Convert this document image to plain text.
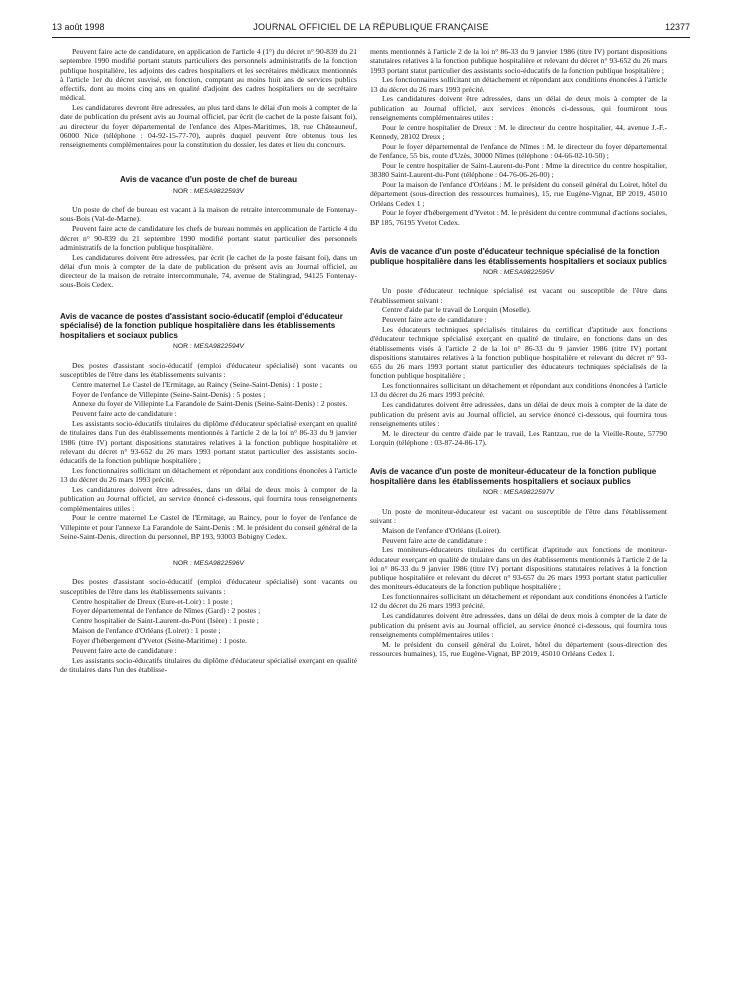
13 août 1998	JOURNAL OFFICIEL DE LA RÉPUBLIQUE FRANÇAISE	12377

Peuvent faire acte de candidature, en application de l'article 4 (1°) du décret n° 90-839 du 21 septembre 1990 modifié portant statuts particuliers des personnels administratifs de la fonction publique hospitalière, les adjoints des cadres hospitaliers et les secrétaires médicaux mentionnés à l'article 1er du décret susvisé, en fonction, comptant au moins huit ans de services publics effectifs, dont au moins cinq ans en qualité d'adjoint des cadres hospitaliers ou de secrétaire médical.

Les candidatures devront être adressées, au plus tard dans le délai d'un mois à compter de la date de publication du présent avis au Journal officiel, par écrit (le cachet de la poste faisant foi), au directeur du foyer départemental de l'enfance des Alpes-Maritimes, 18, rue Châteauneuf, 06000 Nice (téléphone : 04-92-15-77-70), auprès duquel peuvent être obtenus tous les renseignements complémentaires pour la constitution du dossier, les dates et lieu du concours.

Avis de vacance d'un poste de chef de bureau
NOR : MESA9822593V

Un poste de chef de bureau est vacant à la maison de retraite intercommunale de Fontenay-sous-Bois (Val-de-Marne).

Peuvent faire acte de candidature les chefs de bureau nommés en application de l'article 4 du décret n° 90-839 du 21 septembre 1990 modifié portant statut particulier des personnels administratifs de la fonction publique hospitalière.

Les candidatures doivent être adressées, par écrit (le cachet de la poste faisant foi), dans un délai d'un mois à compter de la date de publication du présent avis au Journal officiel, au directeur de la maison de retraite intercommunale, 74, avenue de Stalingrad, 94125 Fontenay-sous-Bois Cedex.

Avis de vacance de postes d'assistant socio-éducatif (emploi d'éducateur spécialisé) de la fonction publique hospitalière dans les établissements hospitaliers et sociaux publics
NOR : MESA9822594V

Des postes d'assistant socio-éducatif (emploi d'éducateur spécialisé) sont vacants ou susceptibles de l'être dans les établissements suivants :

Centre maternel Le Castel de l'Ermitage, au Raincy (Seine-Saint-Denis) : 1 poste ;

Foyer de l'enfance de Villepinte (Seine-Saint-Denis) : 5 postes ;

Annexe du foyer de Villepinte La Farandole de Saint-Denis (Seine-Saint-Denis) : 2 postes.

Peuvent faire acte de candidature :

Les assistants socio-éducatifs titulaires du diplôme d'éducateur spécialisé exerçant en qualité de titulaires dans l'un des établissements mentionnés à l'article 2 de la loi n° 86-33 du 9 janvier 1986 (titre IV) portant dispositions statutaires relatives à la fonction publique hospitalière et relevant du décret n° 93-652 du 26 mars 1993 portant statut particulier des assistants socio-éducatifs de la fonction publique hospitalière ;

Les fonctionnaires sollicitant un détachement et répondant aux conditions énoncées à l'article 13 du décret du 26 mars 1993 précité.

Les candidatures doivent être adressées, dans un délai de deux mois à compter de la publication au Journal officiel, au service énoncé ci-dessous, qui fournira tous renseignements complémentaires utiles :

Pour le centre maternel Le Castel de l'Ermitage, au Raincy, pour le foyer de l'enfance de Villepinte et pour l'annexe La Farandole de Saint-Denis : M. le président du conseil général de la Seine-Saint-Denis, direction du personnel, BP 193, 93003 Bobigny Cedex.

NOR : MESA9822596V

Des postes d'assistant socio-éducatif (emploi d'éducateur spécialisé) sont vacants ou susceptibles de l'être dans les établissements suivants :

Centre hospitalier de Dreux (Eure-et-Loir) : 1 poste ;

Foyer départemental de l'enfance de Nîmes (Gard) : 2 postes ;

Centre hospitalier de Saint-Laurent-du-Pont (Isère) : 1 poste ;

Maison de l'enfance d'Orléans (Loiret) : 1 poste ;

Foyer d'hébergement d'Yvetot (Seine-Maritime) : 1 poste.

Peuvent faire acte de candidature :

Les assistants socio-éducatifs titulaires du diplôme d'éducateur spécialisé exerçant en qualité de titulaires dans l'un des établisse-

ments mentionnés à l'article 2 de la loi n° 86-33 du 9 janvier 1986 (titre IV) portant dispositions statutaires relatives à la fonction publique hospitalière et relevant du décret n° 93-652 du 26 mars 1993 portant statut particulier des assistants socio-éducatifs de la fonction publique hospitalière ;

Les fonctionnaires sollicitant un détachement et répondant aux conditions énoncées à l'article 13 du décret du 26 mars 1993 précité.

Les candidatures doivent être adressées, dans un délai de deux mois à compter de la publication au Journal officiel, aux services énoncés ci-dessous, qui fourniront tous renseignements complémentaires utiles :

Pour le centre hospitalier de Dreux : M. le directeur du centre hospitalier, 44, avenue J.-F.-Kennedy, 28102 Dreux ;

Pour le foyer départemental de l'enfance de Nîmes : M. le directeur du foyer départemental de l'enfance, 55 bis, route d'Uzès, 30000 Nîmes (téléphone : 04-66-02-10-50) ;

Pour le centre hospitalier de Saint-Laurent-du-Pont : Mme la directrice du centre hospitalier, 38380 Saint-Laurent-du-Pont (téléphone : 04-76-06-26-00) ;

Pour la maison de l'enfance d'Orléans : M. le président du conseil général du Loiret, hôtel du département (sous-direction des ressources humaines), 15, rue Eugène-Vignat, BP 2019, 45010 Orléans Cedex 1 ;

Pour le foyer d'hébergement d'Yvetot : M. le président du centre communal d'actions sociales, BP 185, 76195 Yvetot Cedex.

Avis de vacance d'un poste d'éducateur technique spécialisé de la fonction publique hospitalière dans les établissements hospitaliers et sociaux publics
NOR : MESA9822595V

Un poste d'éducateur technique spécialisé est vacant ou susceptible de l'être dans l'établissement suivant :

Centre d'aide par le travail de Lorquin (Moselle).

Peuvent faire acte de candidature :

Les éducateurs techniques spécialisés titulaires du certificat d'aptitude aux fonctions d'éducateur technique spécialisé exerçant en qualité de titulaire, en fonctions dans un des établissements visés à l'article 2 de la loi n° 86-33 du 9 janvier 1986 (titre IV) portant dispositions statutaires relatives à la fonction publique hospitalière et relevant du décret n° 93-655 du 26 mars 1993 portant statut particulier des éducateurs techniques spécialisés de la fonction publique hospitalière ;

Les fonctionnaires sollicitant un détachement et répondant aux conditions énoncées à l'article 13 du décret du 26 mars 1993 précité.

Les candidatures doivent être adressées, dans un délai de deux mois à compter de la date de publication du présent avis au Journal officiel, au service énoncé ci-dessous, qui fournira tous renseignements utiles :

M. le directeur du centre d'aide par le travail, Les Rantzau, rue de la Vieille-Route, 57790 Lorquin (téléphone : 03-87-24-86-17).

Avis de vacance d'un poste de moniteur-éducateur de la fonction publique hospitalière dans les établissements hospitaliers et sociaux publics
NOR : MESA9822597V

Un poste de moniteur-éducateur est vacant ou susceptible de l'être dans l'établissement suivant :

Maison de l'enfance d'Orléans (Loiret).

Peuvent faire acte de candidature :

Les moniteurs-éducateurs titulaires du certificat d'aptitude aux fonctions de moniteur-éducateur exerçant en qualité de titulaire dans un des établissements mentionnés à l'article 2 de la loi n° 86-33 du 9 janvier 1986 (titre IV) portant dispositions statutaires relatives à la fonction publique hospitalière et relevant du décret n° 93-657 du 26 mars 1993 portant statut particulier des moniteurs-éducateurs de la fonction publique hospitalière ;

Les fonctionnaires sollicitant un détachement et répondant aux conditions énoncées à l'article 12 du décret du 26 mars 1993 précité.

Les candidatures doivent être adressées, dans un délai de deux mois à compter de la date de publication du présent avis au Journal officiel, au service énoncé ci-dessous, qui fournira tous renseignements complémentaires utiles :

M. le président du conseil général du Loiret, hôtel du département (sous-direction des ressources humaines), 15, rue Eugène-Vignat, BP 2019, 45010 Orléans Cedex 1.
